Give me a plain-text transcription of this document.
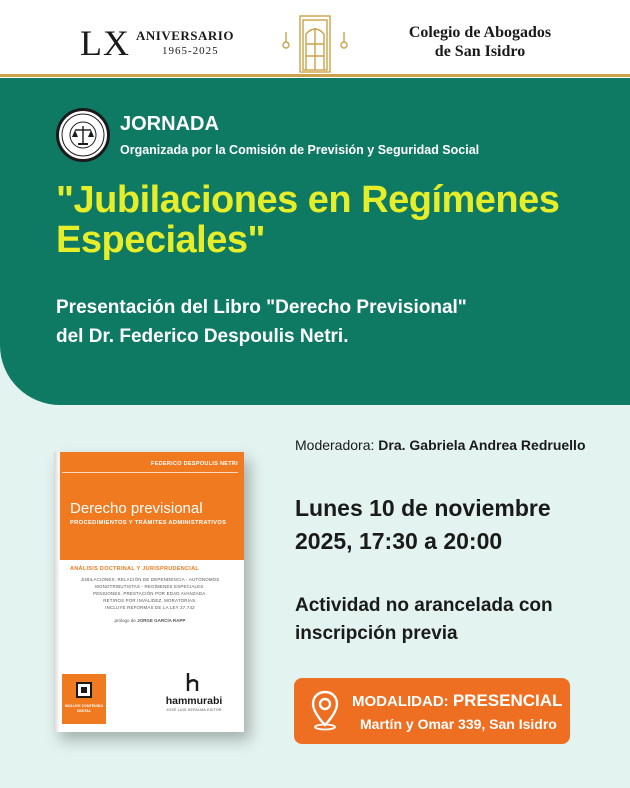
LX ANIVERSARIO
1965-2025
Colegio de Abogados
de San Isidro
JORNADA
Organizada por la Comisión de Previsión y Seguridad Social
"Jubilaciones en Regímenes
Especiales"
Presentación del Libro "Derecho Previsional"
del Dr. Federico Despoulis Netri.
FEDERICO DESPOULIS NETRI
Derecho previsional
PROCEDIMIENTOS Y TRÁMITES ADMINISTRATIVOS
ANÁLISIS DOCTRINAL Y JURISPRUDENCIAL
JUBILACIONES: RELACIÓN DE DEPENDENCIA - AUTÓNOMOS
MONOTRIBUTISTAS - REGÍMENES ESPECIALES.
PENSIONES. PRESTACIÓN POR EDAD AVANZADA.
RETIROS POR INVALIDEZ. MORATORIAS.
INCLUYE REFORMAS DE LA LEY 27.742
prólogo de JORGE GARCÍA RAPP
INCLUYE CONTENIDO
DIGITAL
hammurabi
JOSÉ LUIS DEPALMA EDITOR
Moderadora: Dra. Gabriela Andrea Redruello
Lunes 10 de noviembre
2025, 17:30 a 20:00
Actividad no arancelada con
inscripción previa
MODALIDAD: PRESENCIAL
Martín y Omar 339, San Isidro
